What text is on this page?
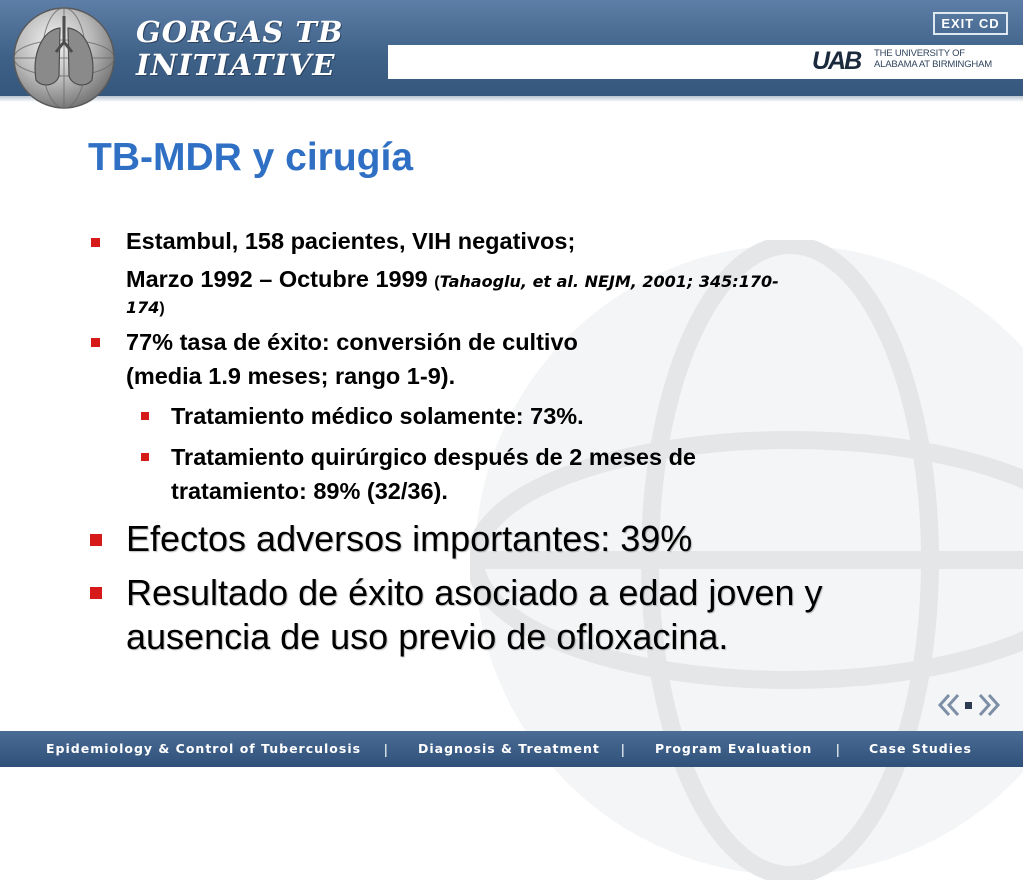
GORGAS TB
INITIATIVE
EXIT CD
UAB THE UNIVERSITY OF
ALABAMA AT BIRMINGHAM
TB-MDR y cirugía
Estambul, 158 pacientes, VIH negativos;
Marzo 1992 – Octubre 1999 (Tahaoglu, et al. NEJM, 2001; 345:170-
174)
77% tasa de éxito: conversión de cultivo
(media 1.9 meses; rango 1-9).
Tratamiento médico solamente: 73%.
Tratamiento quirúrgico después de 2 meses de
tratamiento: 89% (32/36).
Efectos adversos importantes: 39%
Resultado de éxito asociado a edad joven y
ausencia de uso previo de ofloxacina.
Epidemiology & Control of Tuberculosis | Diagnosis & Treatment | Program Evaluation | Case Studies
